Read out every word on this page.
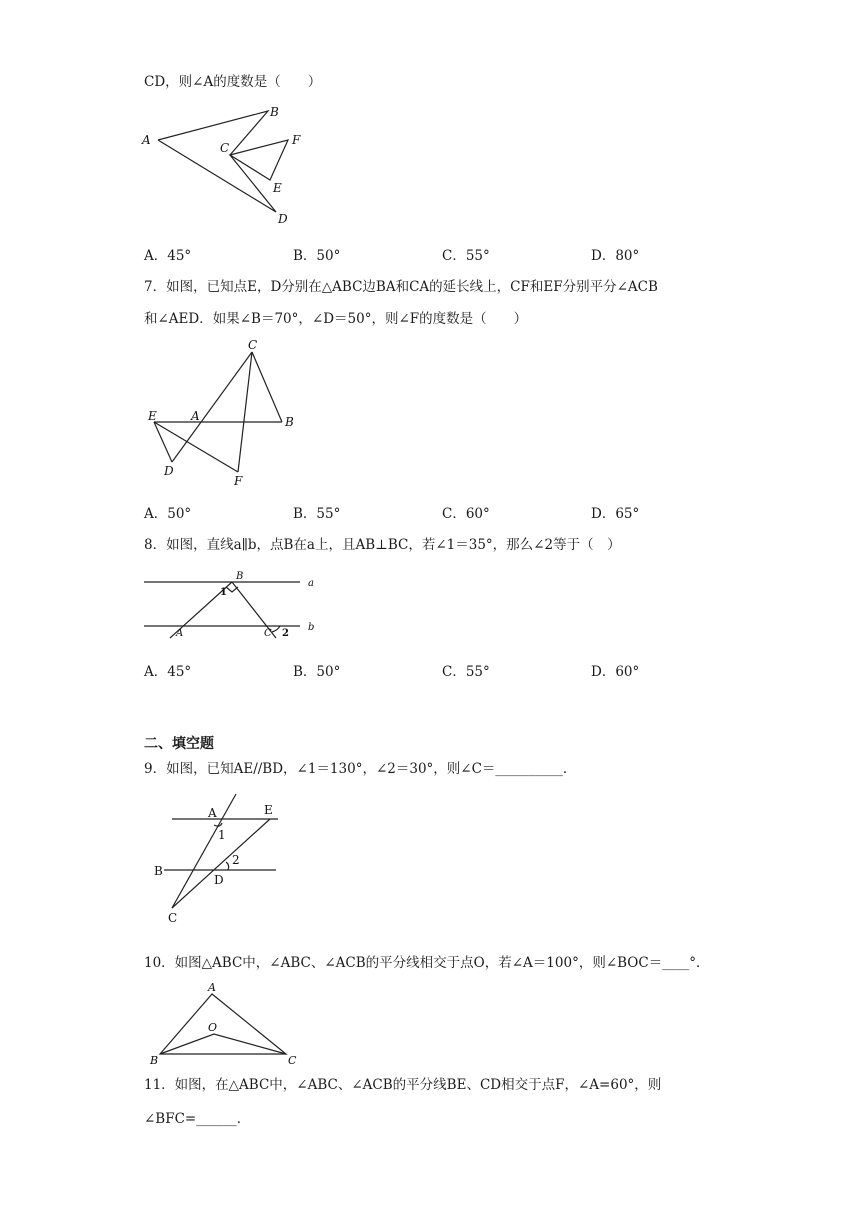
CD，则∠A的度数是（　　）
A
B
C
F
E
D
A．45°	B．50°	C．55°	D．80°
7．如图，已知点E，D分别在△ABC边BA和CA的延长线上，CF和EF分别平分∠ACB
和∠AED．如果∠B＝70°，∠D＝50°，则∠F的度数是（　　）
C
E	A	B
D
F
A．50°	B．55°	C．60°	D．65°
8．如图，直线a∥b，点B在a上，且AB⊥BC，若∠1＝35°，那么∠2等于（　）
B
a
1
b
A	C 2
A．45°	B．50°	C．55°	D．60°
二、填空题
9．如图，已知AE//BD，∠1＝130°，∠2＝30°，则∠C＝__________．
A	E
1
2
B
D
C
10．如图△ABC中，∠ABC、∠ACB的平分线相交于点O，若∠A＝100°，则∠BOC＝____°．
A
O
B	C
11．如图，在△ABC中，∠ABC、∠ACB的平分线BE、CD相交于点F，∠A=60°，则
∠BFC=______．
